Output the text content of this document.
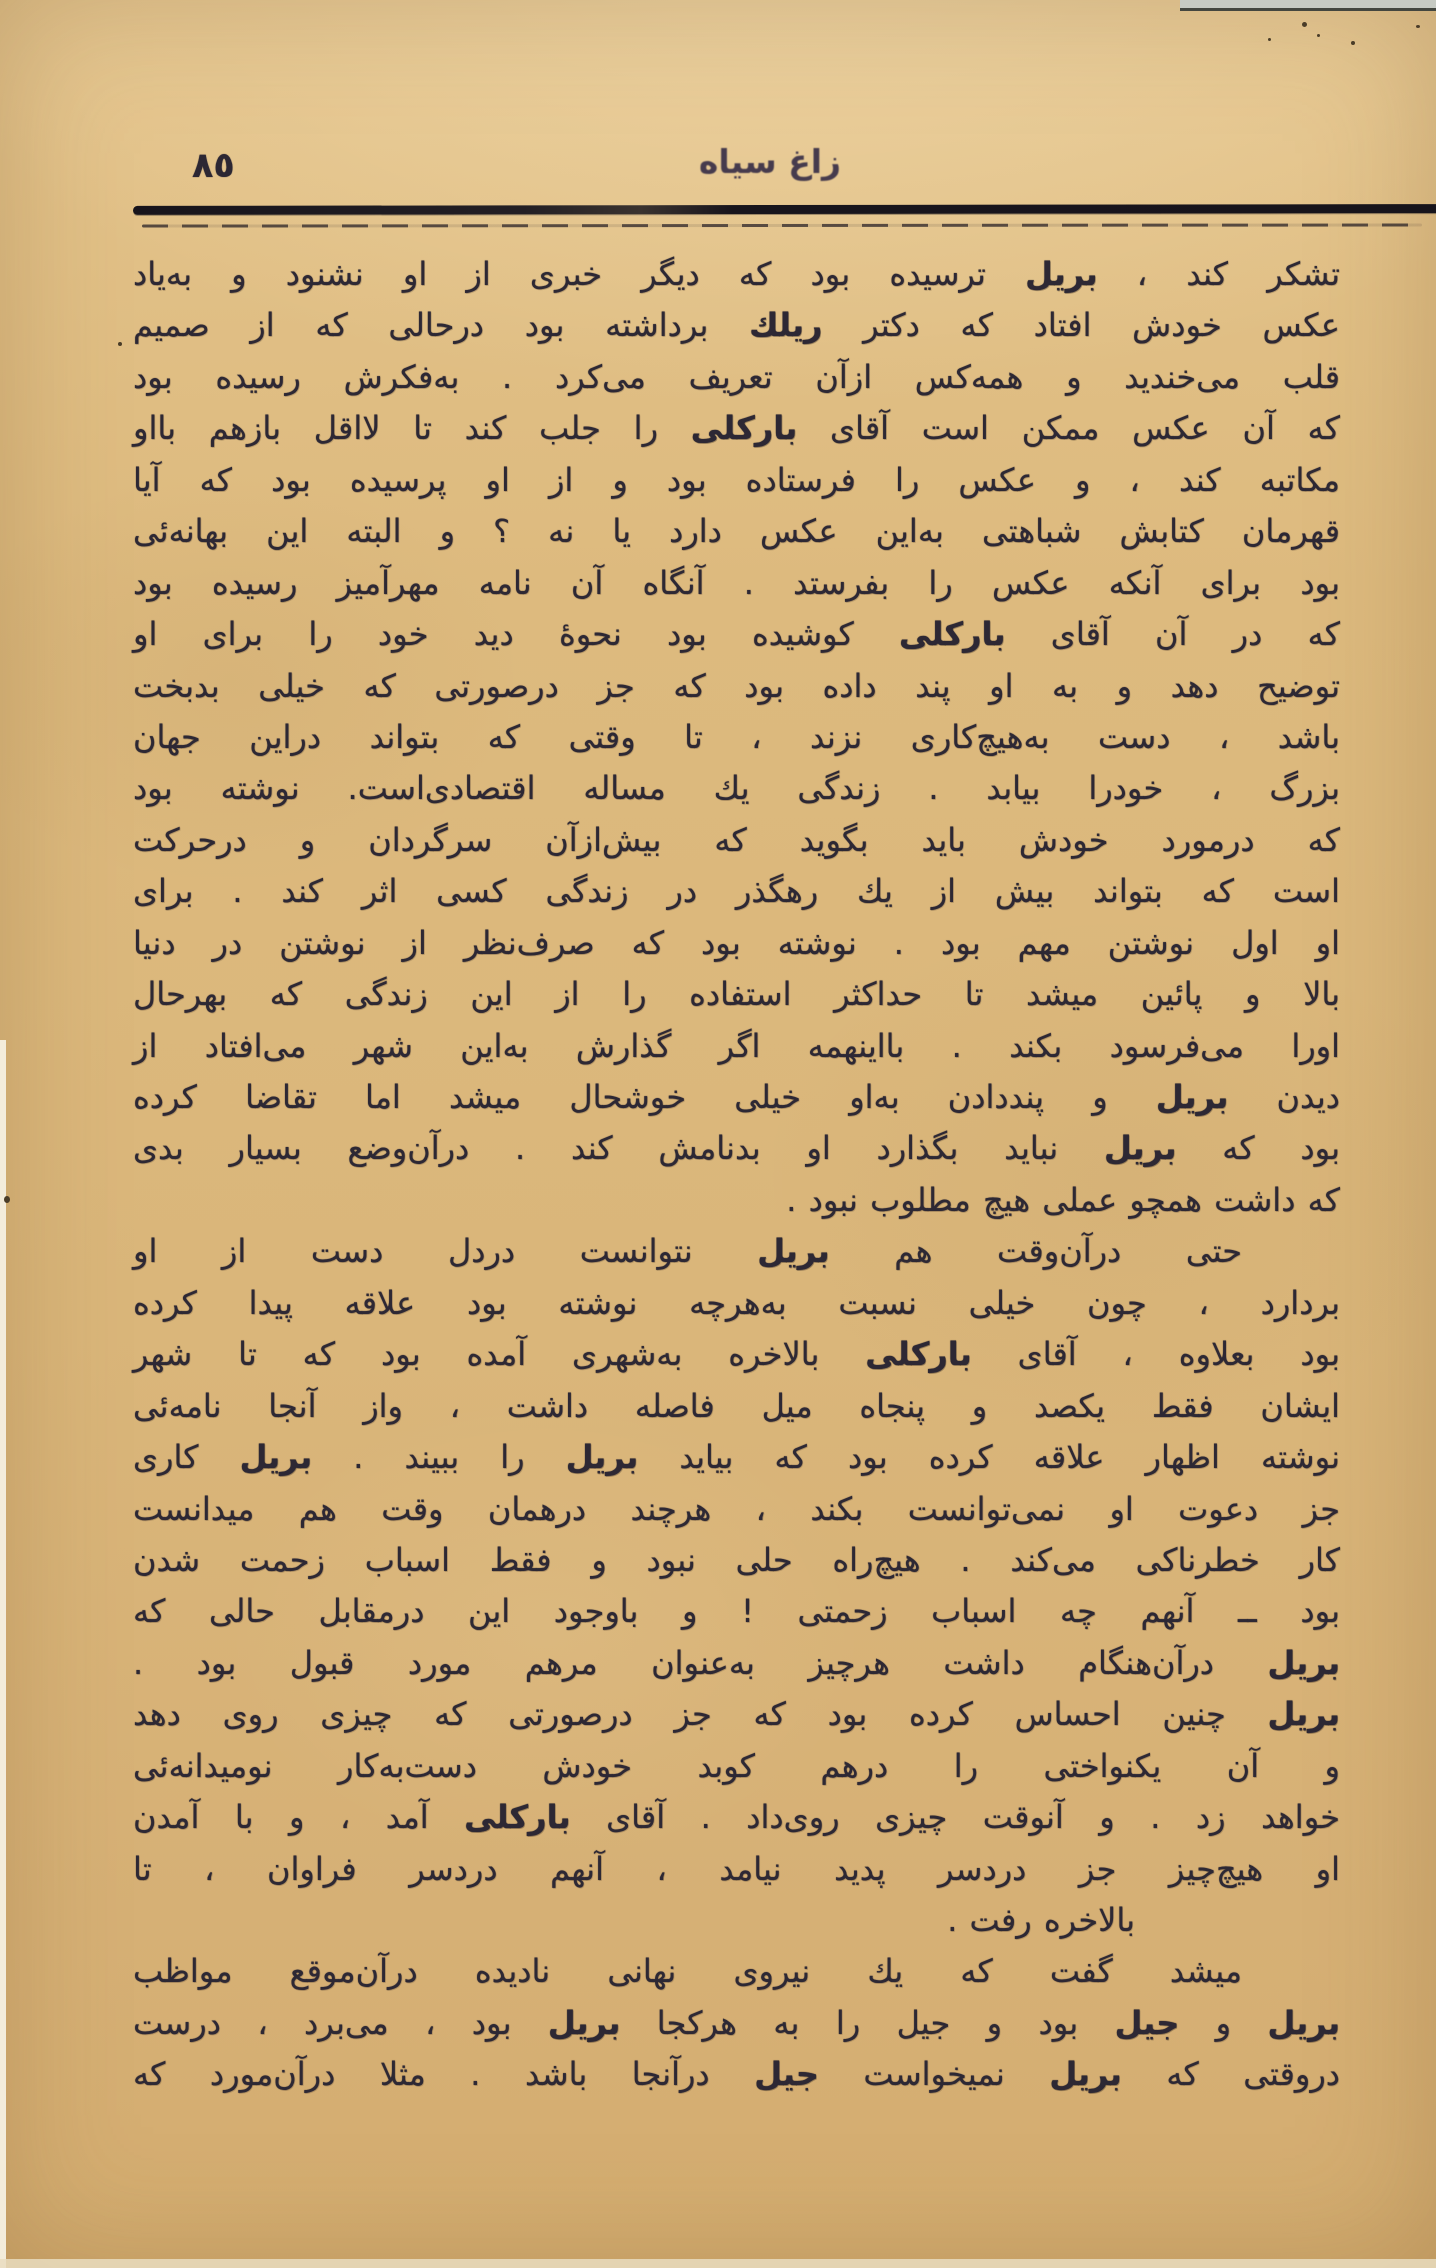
٨٥	زاغ سیاه
تشکر کند ، بریل ترسیده بود که دیگر خبری از او نشنود و به‌یاد
عکس خودش افتاد که دکتر ریلك برداشته بود درحالی که از صمیم
قلب می‌خندید و همه‌کس ازآن تعریف می‌کرد . به‌فکرش رسیده بود
که آن عکس ممکن است آقای بارکلی را جلب کند تا لااقل بازهم بااو
مکاتبه کند ، و عکس را فرستاده بود و از او پرسیده بود که آیا
قهرمان کتابش شباهتی به‌این عکس دارد یا نه ؟ و البته این بهانه‌ئی
بود برای آنکه عکس را بفرستد . آنگاه آن نامه مهرآمیز رسیده بود
که در آن آقای بارکلی کوشیده بود نحوهٔ دید خود را برای او
توضیح دهد و به او پند داده بود که جز درصورتی که خیلی بدبخت
باشد ، دست به‌هیچ‌کاری نزند ، تا وقتی که بتواند دراین جهان
بزرگ ، خودرا بیابد . زندگی یك مساله اقتصادی‌است. نوشته بود
که درمورد خودش باید بگوید که بیش‌ازآن سرگردان و درحرکت
است که بتواند بیش از یك رهگذر در زندگی کسی اثر کند . برای
او اول نوشتن مهم بود . نوشته بود که صرف‌نظر از نوشتن در دنیا
بالا و پائین میشد تا حداکثر استفاده را از این زندگی که بهرحال
اورا می‌فرسود بکند . بااینهمه اگر گذارش به‌این شهر می‌افتاد از
دیدن بریل و پنددادن به‌او خیلی خوشحال میشد اما تقاضا کرده
بود که بریل نباید بگذارد او بدنامش کند . درآن‌وضع بسیار بدی
که داشت همچو عملی هیچ مطلوب نبود .
حتی درآن‌وقت هم بریل نتوانست دردل دست از او
بردارد ، چون خیلی نسبت به‌هرچه نوشته بود علاقه پیدا کرده
بود بعلاوه ، آقای بارکلی بالاخره به‌شهری آمده بود که تا شهر
ایشان فقط یکصد و پنجاه میل فاصله داشت ، واز آنجا نامه‌ئی
نوشته اظهار علاقه کرده بود که بیاید بریل را ببیند . بریل کاری
جز دعوت او نمی‌توانست بکند ، هرچند درهمان وقت هم میدانست
کار خطرناکی می‌کند . هیچ‌راه حلی نبود و فقط اسباب زحمت شدن
بود ــ آنهم چه اسباب زحمتی ! و باوجود این درمقابل حالی که
بریل درآن‌هنگام داشت هرچیز به‌عنوان مرهم مورد قبول بود .
بریل چنین احساس کرده بود که جز درصورتی که چیزی روی دهد
و آن یکنواختی را درهم کوبد خودش دست‌به‌کار نومیدانه‌ئی
خواهد زد . و آنوقت چیزی روی‌داد . آقای بارکلی آمد ، و با آمدن
او هیچ‌چیز جز دردسر پدید نیامد ، آنهم دردسر فراوان ، تا
بالاخره رفت .
میشد گفت که یك نیروی نهانی نادیده درآن‌موقع مواظب
بریل و جیل بود و جیل را به هرکجا بریل بود ، می‌برد ، درست
دروقتی که بریل نمیخواست جیل درآنجا باشد . مثلا درآن‌مورد که
